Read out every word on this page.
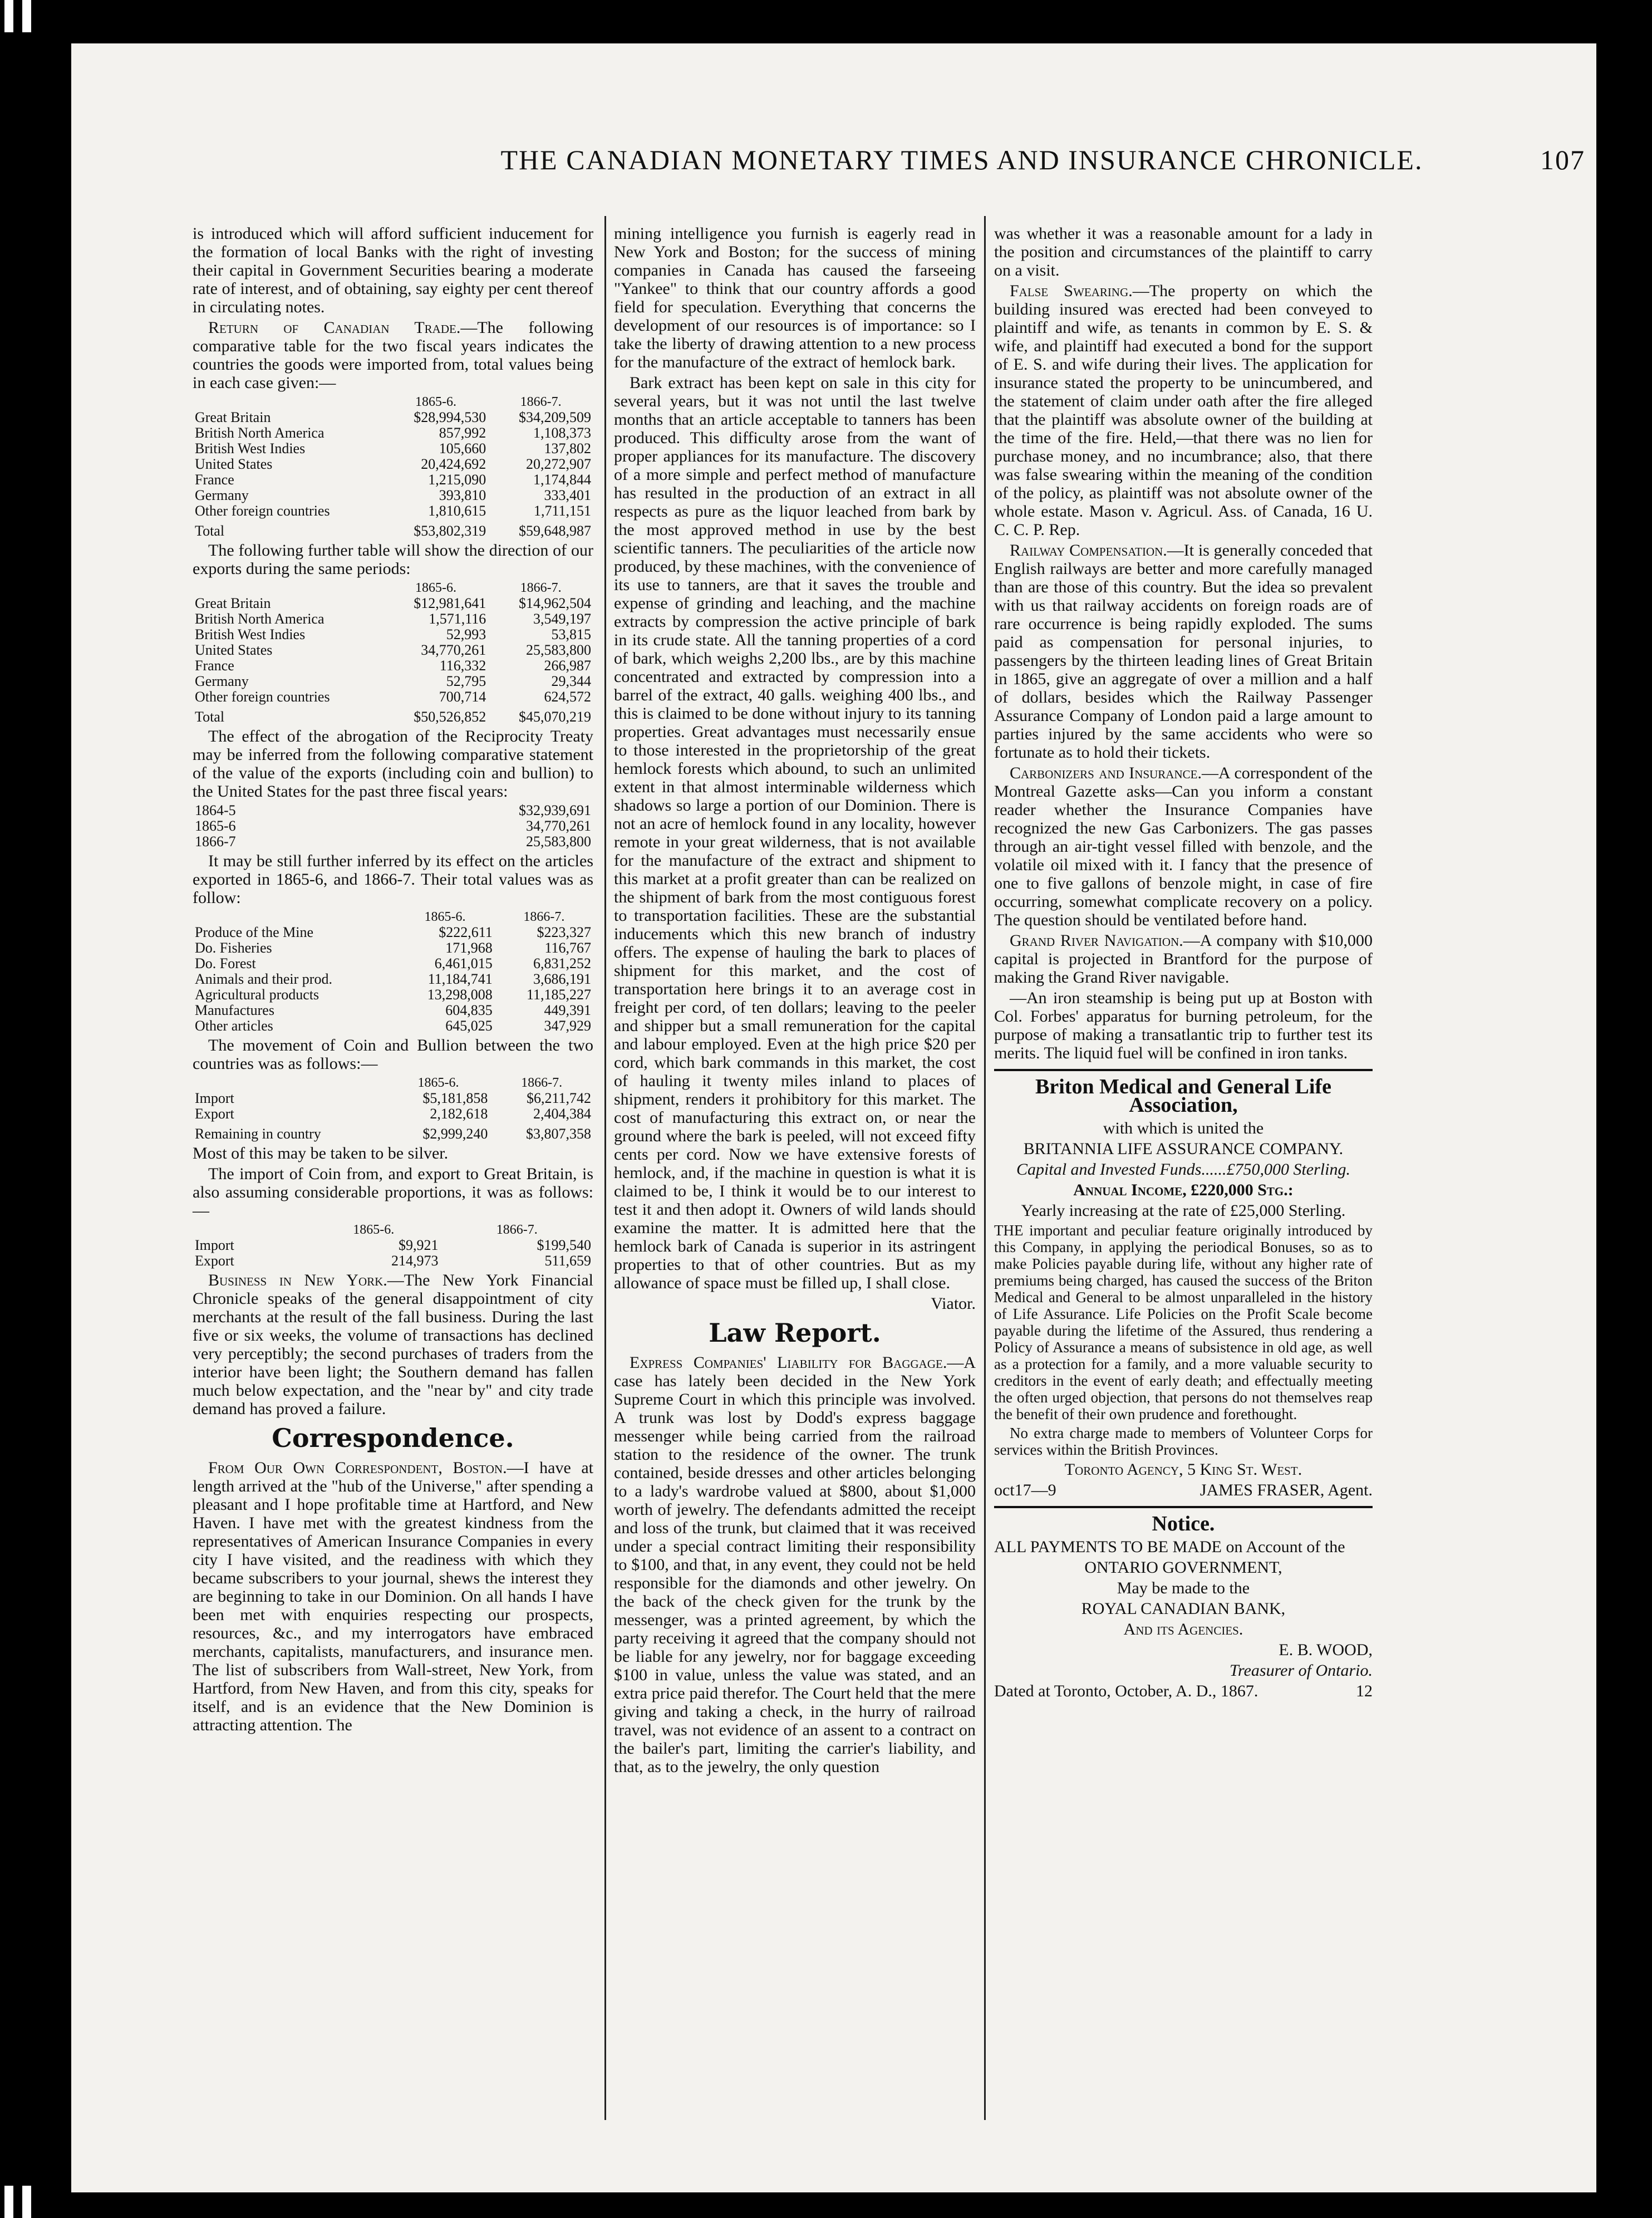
THE CANADIAN MONETARY TIMES AND INSURANCE CHRONICLE.	107

is introduced which will afford sufficient inducement for the formation of local Banks with the right of investing their capital in Government Securities bearing a moderate rate of interest, and of obtaining, say eighty per cent thereof in circulating notes.

Return of Canadian Trade.—The following comparative table for the two fiscal years indicates the countries the goods were imported from, total values being in each case given:—

	1865-6.	1866-7.
Great Britain	$28,994,530	$34,209,509
British North America	857,992	1,108,373
British West Indies	105,660	137,802
United States	20,424,692	20,272,907
France	1,215,090	1,174,844
Germany	393,810	333,401
Other foreign countries	1,810,615	1,711,151
Total	$53,802,319	$59,648,987

The following further table will show the direction of our exports during the same periods:

	1865-6.	1866-7.
Great Britain	$12,981,641	$14,962,504
British North America	1,571,116	3,549,197
British West Indies	52,993	53,815
United States	34,770,261	25,583,800
France	116,332	266,987
Germany	52,795	29,344
Other foreign countries	700,714	624,572
Total	$50,526,852	$45,070,219

The effect of the abrogation of the Reciprocity Treaty may be inferred from the following comparative statement of the value of the exports (including coin and bullion) to the United States for the past three fiscal years:

1864-5	$32,939,691
1865-6	34,770,261
1866-7	25,583,800

It may be still further inferred by its effect on the articles exported in 1865-6, and 1866-7. Their total values was as follow:

	1865-6.	1866-7.
Produce of the Mine	$222,611	$223,327
Do. Fisheries	171,968	116,767
Do. Forest	6,461,015	6,831,252
Animals and their prod.	11,184,741	3,686,191
Agricultural products	13,298,008	11,185,227
Manufactures	604,835	449,391
Other articles	645,025	347,929

The movement of Coin and Bullion between the two countries was as follows:—

	1865-6.	1866-7.
Import	$5,181,858	$6,211,742
Export	2,182,618	2,404,384
Remaining in country	$2,999,240	$3,807,358

Most of this may be taken to be silver.

The import of Coin from, and export to Great Britain, is also assuming considerable proportions, it was as follows:—

	1865-6.	1866-7.
Import	$9,921	$199,540
Export	214,973	511,659

Business in New York.—The New York Financial Chronicle speaks of the general disappointment of city merchants at the result of the fall business. During the last five or six weeks, the volume of transactions has declined very perceptibly; the second purchases of traders from the interior have been light; the Southern demand has fallen much below expectation, and the "near by" and city trade demand has proved a failure.

Correspondence.

From Our Own Correspondent, Boston.—I have at length arrived at the "hub of the Universe," after spending a pleasant and I hope profitable time at Hartford, and New Haven. I have met with the greatest kindness from the representatives of American Insurance Companies in every city I have visited, and the readiness with which they became subscribers to your journal, shews the interest they are beginning to take in our Dominion. On all hands I have been met with enquiries respecting our prospects, resources, &c., and my interrogators have embraced merchants, capitalists, manufacturers, and insurance men. The list of subscribers from Wall-street, New York, from Hartford, from New Haven, and from this city, speaks for itself, and is an evidence that the New Dominion is attracting attention. The

mining intelligence you furnish is eagerly read in New York and Boston; for the success of mining companies in Canada has caused the farseeing "Yankee" to think that our country affords a good field for speculation. Everything that concerns the development of our resources is of importance: so I take the liberty of drawing attention to a new process for the manufacture of the extract of hemlock bark.

Bark extract has been kept on sale in this city for several years, but it was not until the last twelve months that an article acceptable to tanners has been produced. This difficulty arose from the want of proper appliances for its manufacture. The discovery of a more simple and perfect method of manufacture has resulted in the production of an extract in all respects as pure as the liquor leached from bark by the most approved method in use by the best scientific tanners. The peculiarities of the article now produced, by these machines, with the convenience of its use to tanners, are that it saves the trouble and expense of grinding and leaching, and the machine extracts by compression the active principle of bark in its crude state. All the tanning properties of a cord of bark, which weighs 2,200 lbs., are by this machine concentrated and extracted by compression into a barrel of the extract, 40 galls. weighing 400 lbs., and this is claimed to be done without injury to its tanning properties. Great advantages must necessarily ensue to those interested in the proprietorship of the great hemlock forests which abound, to such an unlimited extent in that almost interminable wilderness which shadows so large a portion of our Dominion. There is not an acre of hemlock found in any locality, however remote in your great wilderness, that is not available for the manufacture of the extract and shipment to this market at a profit greater than can be realized on the shipment of bark from the most contiguous forest to transportation facilities. These are the substantial inducements which this new branch of industry offers. The expense of hauling the bark to places of shipment for this market, and the cost of transportation here brings it to an average cost in freight per cord, of ten dollars; leaving to the peeler and shipper but a small remuneration for the capital and labour employed. Even at the high price $20 per cord, which bark commands in this market, the cost of hauling it twenty miles inland to places of shipment, renders it prohibitory for this market. The cost of manufacturing this extract on, or near the ground where the bark is peeled, will not exceed fifty cents per cord. Now we have extensive forests of hemlock, and, if the machine in question is what it is claimed to be, I think it would be to our interest to test it and then adopt it. Owners of wild lands should examine the matter. It is admitted here that the hemlock bark of Canada is superior in its astringent properties to that of other countries. But as my allowance of space must be filled up, I shall close.

Viator.

Law Report.

Express Companies' Liability for Baggage.—A case has lately been decided in the New York Supreme Court in which this principle was involved. A trunk was lost by Dodd's express baggage messenger while being carried from the railroad station to the residence of the owner. The trunk contained, beside dresses and other articles belonging to a lady's wardrobe valued at $800, about $1,000 worth of jewelry. The defendants admitted the receipt and loss of the trunk, but claimed that it was received under a special contract limiting their responsibility to $100, and that, in any event, they could not be held responsible for the diamonds and other jewelry. On the back of the check given for the trunk by the messenger, was a printed agreement, by which the party receiving it agreed that the company should not be liable for any jewelry, nor for baggage exceeding $100 in value, unless the value was stated, and an extra price paid therefor. The Court held that the mere giving and taking a check, in the hurry of railroad travel, was not evidence of an assent to a contract on the bailer's part, limiting the carrier's liability, and that, as to the jewelry, the only question

was whether it was a reasonable amount for a lady in the position and circumstances of the plaintiff to carry on a visit.

False Swearing.—The property on which the building insured was erected had been conveyed to plaintiff and wife, as tenants in common by E. S. & wife, and plaintiff had executed a bond for the support of E. S. and wife during their lives. The application for insurance stated the property to be unincumbered, and the statement of claim under oath after the fire alleged that the plaintiff was absolute owner of the building at the time of the fire. Held,—that there was no lien for purchase money, and no incumbrance; also, that there was false swearing within the meaning of the condition of the policy, as plaintiff was not absolute owner of the whole estate. Mason v. Agricul. Ass. of Canada, 16 U. C. C. P. Rep.

Railway Compensation.—It is generally conceded that English railways are better and more carefully managed than are those of this country. But the idea so prevalent with us that railway accidents on foreign roads are of rare occurrence is being rapidly exploded. The sums paid as compensation for personal injuries, to passengers by the thirteen leading lines of Great Britain in 1865, give an aggregate of over a million and a half of dollars, besides which the Railway Passenger Assurance Company of London paid a large amount to parties injured by the same accidents who were so fortunate as to hold their tickets.

Carbonizers and Insurance.—A correspondent of the Montreal Gazette asks—Can you inform a constant reader whether the Insurance Companies have recognized the new Gas Carbonizers. The gas passes through an air-tight vessel filled with benzole, and the volatile oil mixed with it. I fancy that the presence of one to five gallons of benzole might, in case of fire occurring, somewhat complicate recovery on a policy. The question should be ventilated before hand.

Grand River Navigation.—A company with $10,000 capital is projected in Brantford for the purpose of making the Grand River navigable.

—An iron steamship is being put up at Boston with Col. Forbes' apparatus for burning petroleum, for the purpose of making a transatlantic trip to further test its merits. The liquid fuel will be confined in iron tanks.

Briton Medical and General Life Association,

with which is united the

BRITANNIA LIFE ASSURANCE COMPANY.

Capital and Invested Funds......£750,000 Sterling.

Annual Income, £220,000 Stg.:

Yearly increasing at the rate of £25,000 Sterling.

THE important and peculiar feature originally introduced by this Company, in applying the periodical Bonuses, so as to make Policies payable during life, without any higher rate of premiums being charged, has caused the success of the Briton Medical and General to be almost unparalleled in the history of Life Assurance. Life Policies on the Profit Scale become payable during the lifetime of the Assured, thus rendering a Policy of Assurance a means of subsistence in old age, as well as a protection for a family, and a more valuable security to creditors in the event of early death; and effectually meeting the often urged objection, that persons do not themselves reap the benefit of their own prudence and forethought.

No extra charge made to members of Volunteer Corps for services within the British Provinces.

Toronto Agency, 5 King St. West.

oct17—9	JAMES FRASER, Agent.

Notice.

ALL PAYMENTS TO BE MADE on Account of the

ONTARIO GOVERNMENT,

May be made to the

ROYAL CANADIAN BANK,

And its Agencies.

E. B. WOOD,

Treasurer of Ontario.

Dated at Toronto, October, A. D., 1867.	12
